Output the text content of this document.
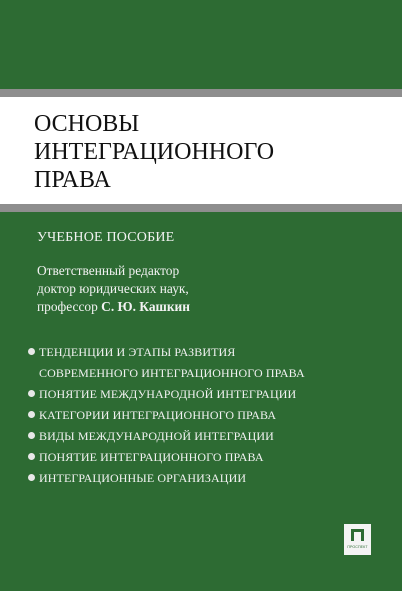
ОСНОВЫ
ИНТЕГРАЦИОННОГО
ПРАВА
УЧЕБНОЕ ПОСОБИЕ
Ответственный редактор
доктор юридических наук,
профессор С. Ю. Кашкин
ТЕНДЕНЦИИ И ЭТАПЫ РАЗВИТИЯ
СОВРЕМЕННОГО ИНТЕГРАЦИОННОГО ПРАВА
ПОНЯТИЕ МЕЖДУНАРОДНОЙ ИНТЕГРАЦИИ
КАТЕГОРИИ ИНТЕГРАЦИОННОГО ПРАВА
ВИДЫ МЕЖДУНАРОДНОЙ ИНТЕГРАЦИИ
ПОНЯТИЕ ИНТЕГРАЦИОННОГО ПРАВА
ИНТЕГРАЦИОННЫЕ ОРГАНИЗАЦИИ
ПРОСПЕКТ
